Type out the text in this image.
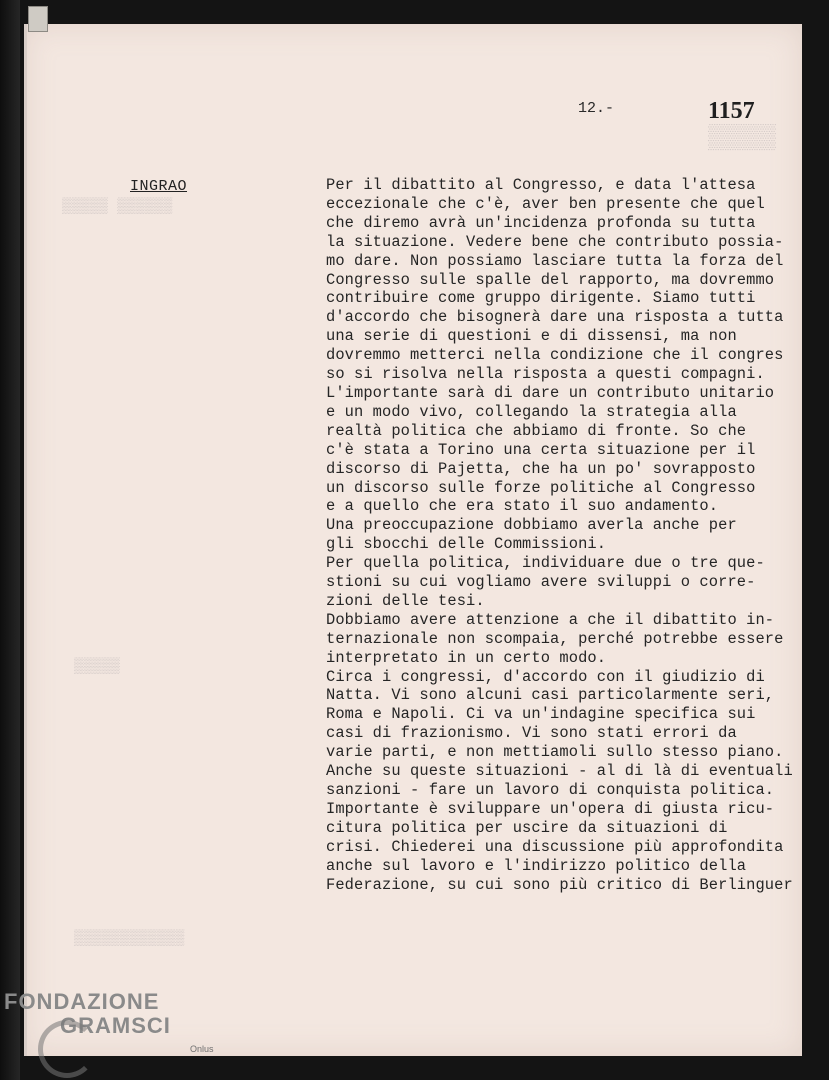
▒▒▒▒▒ ▒▒▒▒▒▒
▒▒▒▒▒
▒▒▒▒▒▒▒▒▒▒▒▒
▒▒▒▒
12.-	1157
INGRAO	Per il dibattito al Congresso, e data l'attesa
eccezionale che c'è, aver ben presente che quel
che diremo avrà un'incidenza profonda su tutta
la situazione. Vedere bene che contributo possia-
mo dare. Non possiamo lasciare tutta la forza del
Congresso sulle spalle del rapporto, ma dovremmo
contribuire come gruppo dirigente. Siamo tutti
d'accordo che bisognerà dare una risposta a tutta
una serie di questioni e di dissensi, ma non
dovremmo metterci nella condizione che il congres
so si risolva nella risposta a questi compagni.
L'importante sarà di dare un contributo unitario
e un modo vivo, collegando la strategia alla
realtà politica che abbiamo di fronte. So che
c'è stata a Torino una certa situazione per il
discorso di Pajetta, che ha un po' sovrapposto
un discorso sulle forze politiche al Congresso
e a quello che era stato il suo andamento.
Una preoccupazione dobbiamo averla anche per
gli sbocchi delle Commissioni.
Per quella politica, individuare due o tre que-
stioni su cui vogliamo avere sviluppi o corre-
zioni delle tesi.
Dobbiamo avere attenzione a che il dibattito in-
ternazionale non scompaia, perché potrebbe essere
interpretato in un certo modo.
Circa i congressi, d'accordo con il giudizio di
Natta. Vi sono alcuni casi particolarmente seri,
Roma e Napoli. Ci va un'indagine specifica sui
casi di frazionismo. Vi sono stati errori da
varie parti, e non mettiamoli sullo stesso piano.
Anche su queste situazioni - al di là di eventuali
sanzioni - fare un lavoro di conquista politica.
Importante è sviluppare un'opera di giusta ricu-
citura politica per uscire da situazioni di
crisi. Chiederei una discussione più approfondita
anche sul lavoro e l'indirizzo politico della
Federazione, su cui sono più critico di Berlinguer
FONDAZIONE
GRAMSCI
Onlus
